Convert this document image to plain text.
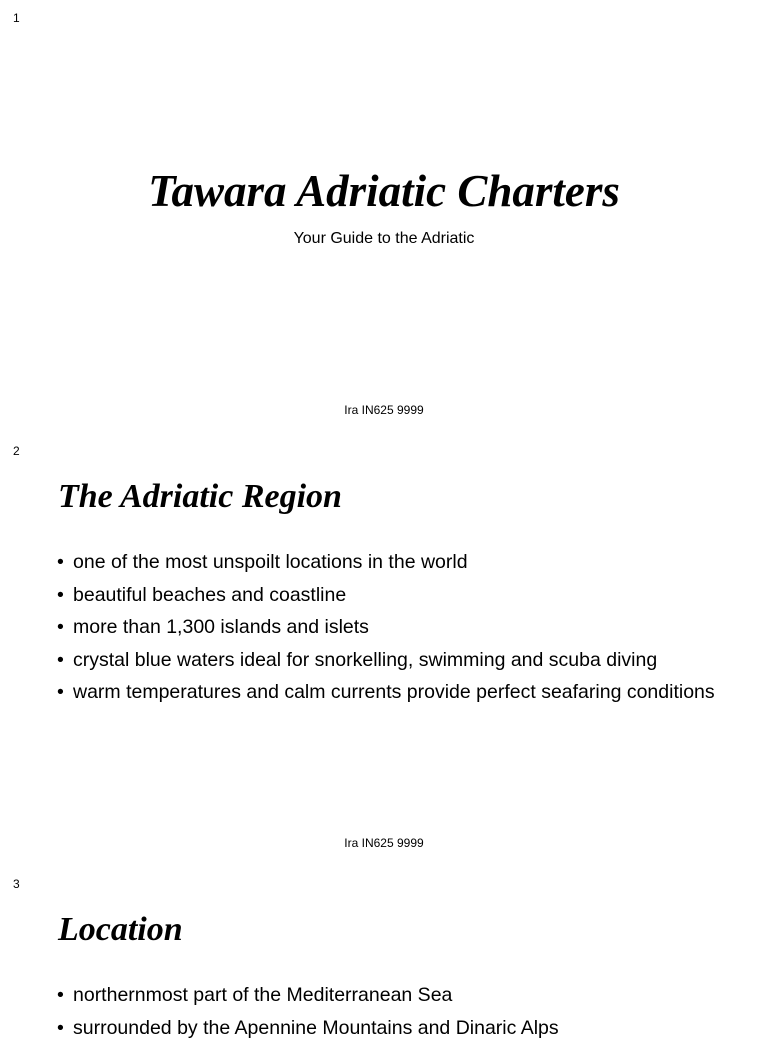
1
Tawara Adriatic Charters
Your Guide to the Adriatic
Ira IN625 9999
2
The Adriatic Region
• one of the most unspoilt locations in the world
• beautiful beaches and coastline
• more than 1,300 islands and islets
• crystal blue waters ideal for snorkelling, swimming and scuba diving
• warm temperatures and calm currents provide perfect seafaring conditions
Ira IN625 9999
3
Location
• northernmost part of the Mediterranean Sea
• surrounded by the Apennine Mountains and Dinaric Alps
